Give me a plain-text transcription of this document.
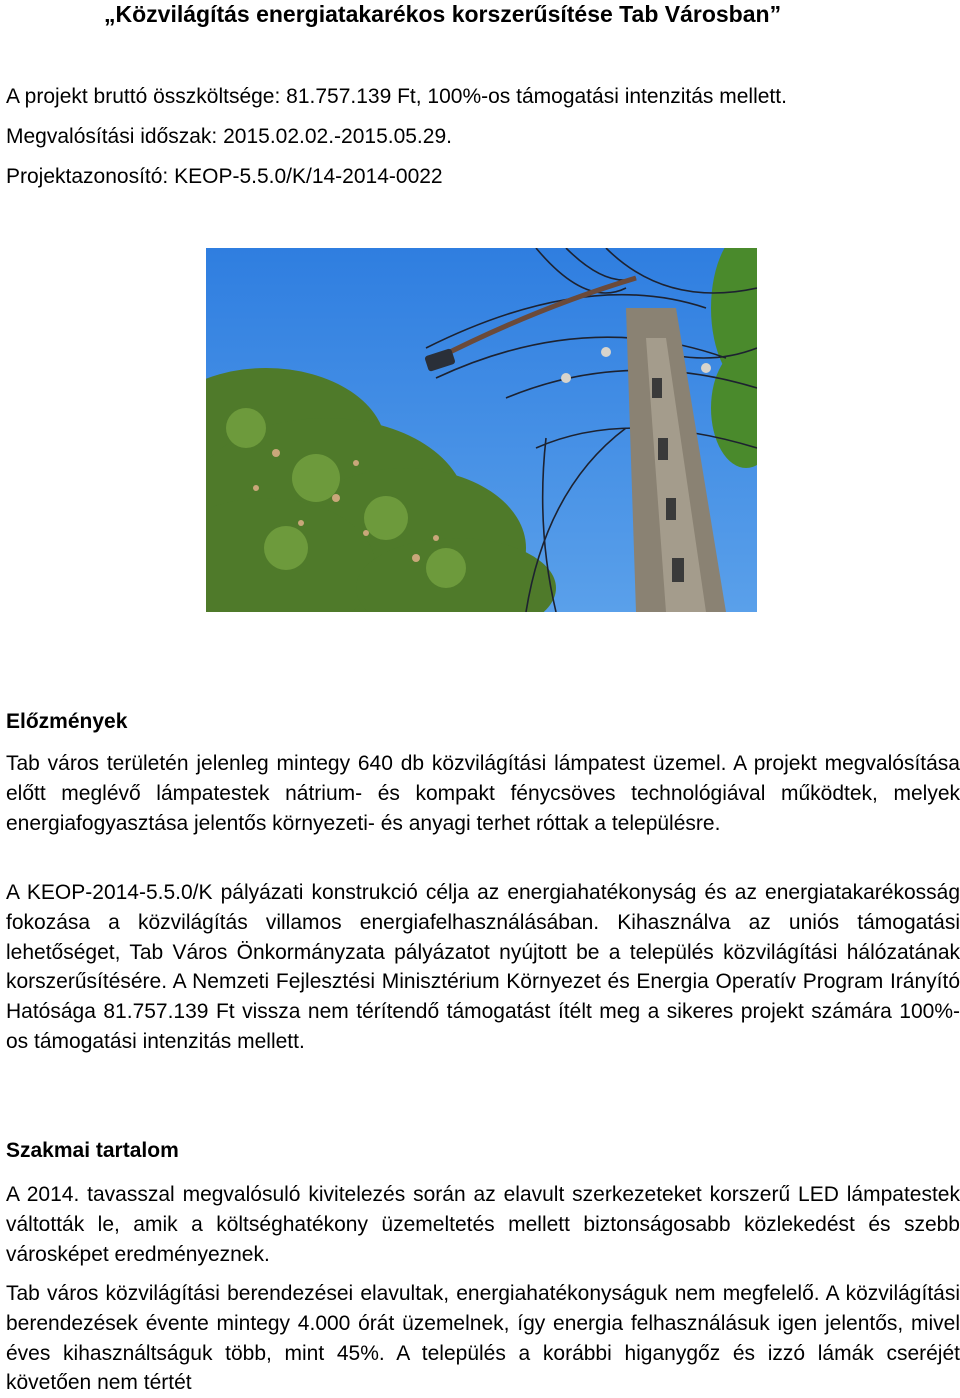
„Közvilágítás energiatakarékos korszerűsítése Tab Városban”
A projekt bruttó összköltsége: 81.757.139 Ft, 100%-os támogatási intenzitás mellett.
Megvalósítási időszak: 2015.02.02.-2015.05.29.
Projektazonosító: KEOP-5.5.0/K/14-2014-0022
Előzmények
Tab város területén jelenleg mintegy 640 db közvilágítási lámpatest üzemel. A projekt megvalósítása előtt meglévő lámpatestek nátrium- és kompakt fénycsöves technológiával működtek, melyek energiafogyasztása jelentős környezeti- és anyagi terhet róttak a településre.
A KEOP-2014-5.5.0/K pályázati konstrukció célja az energiahatékonyság és az energiatakarékosság fokozása a közvilágítás villamos energiafelhasználásában. Kihasználva az uniós támogatási lehetőséget, Tab Város Önkormányzata pályázatot nyújtott be a település közvilágítási hálózatának korszerűsítésére. A Nemzeti Fejlesztési Minisztérium Környezet és Energia Operatív Program Irányító Hatósága 81.757.139 Ft vissza nem térítendő támogatást ítélt meg a sikeres projekt számára 100%-os támogatási intenzitás mellett.
Szakmai tartalom
A 2014. tavasszal megvalósuló kivitelezés során az elavult szerkezeteket korszerű LED lámpatestek váltották le, amik a költséghatékony üzemeltetés mellett biztonságosabb közlekedést és szebb városképet eredményeznek.
Tab város közvilágítási berendezései elavultak, energiahatékonyságuk nem megfelelő. A közvilágítási berendezések évente mintegy 4.000 órát üzemelnek, így energia felhasználásuk igen jelentős, mivel éves kihasználtságuk több, mint 45%. A település a korábbi higanygőz és izzó lámák cseréjét követően nem tértét
